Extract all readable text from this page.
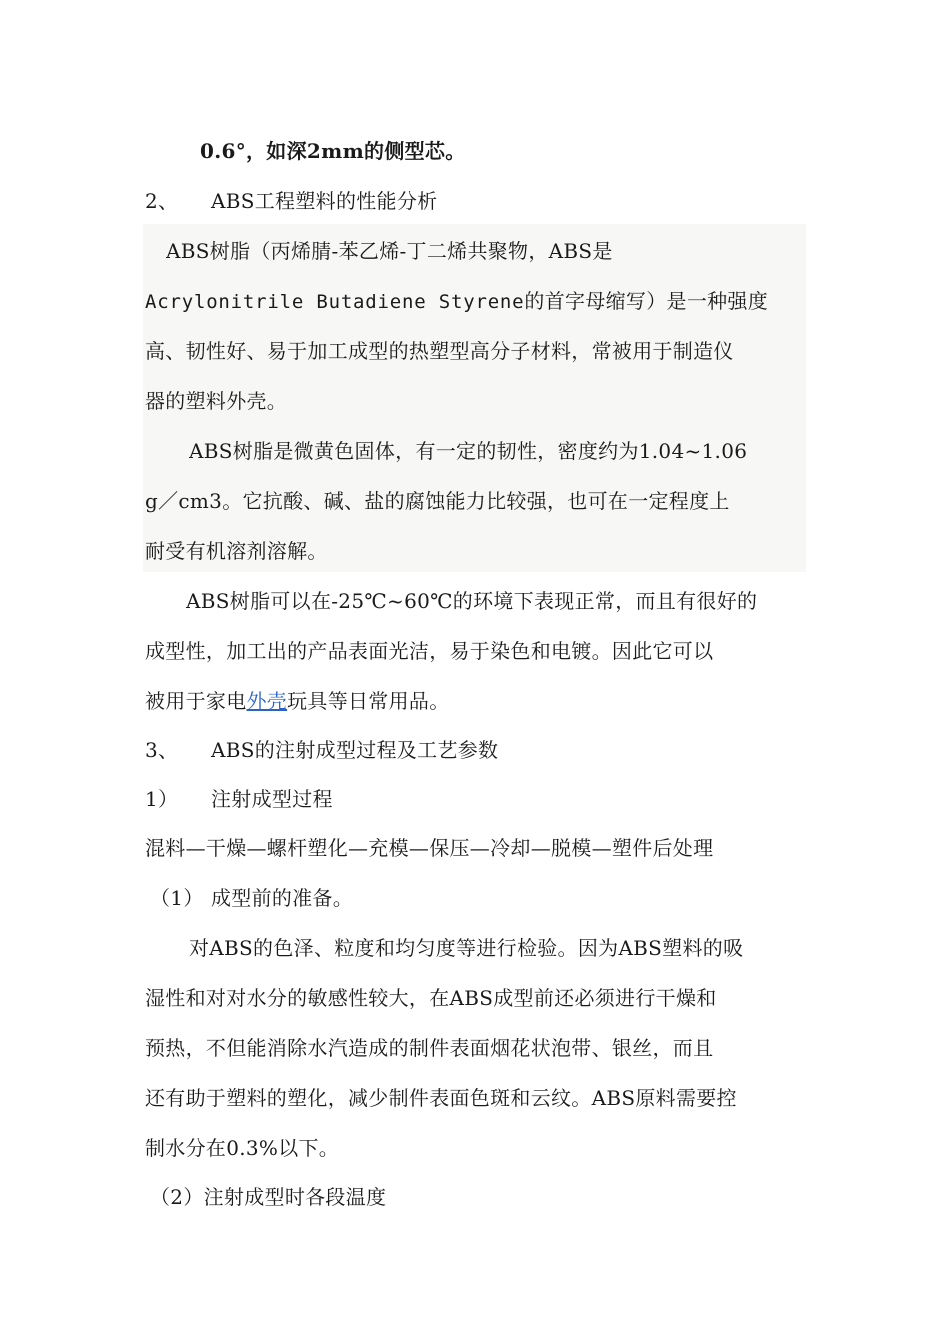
0.6°，如深2mm的侧型芯。
2、 ABS工程塑料的性能分析
ABS树脂（丙烯腈-苯乙烯-丁二烯共聚物，ABS是
Acrylonitrile Butadiene Styrene的首字母缩写）是一种强度
高、韧性好、易于加工成型的热塑型高分子材料，常被用于制造仪
器的塑料外壳。
ABS树脂是微黄色固体，有一定的韧性，密度约为1.04~1.06
g／cm3。它抗酸、碱、盐的腐蚀能力比较强，也可在一定程度上
耐受有机溶剂溶解。
ABS树脂可以在-25℃~60℃的环境下表现正常，而且有很好的
成型性，加工出的产品表面光洁，易于染色和电镀。因此它可以
被用于家电外壳玩具等日常用品。
3、 ABS的注射成型过程及工艺参数
1） 注射成型过程
混料—干燥—螺杆塑化—充模—保压—冷却—脱模—塑件后处理
（1） 成型前的准备。
对ABS的色泽、粒度和均匀度等进行检验。因为ABS塑料的吸
湿性和对对水分的敏感性较大，在ABS成型前还必须进行干燥和
预热，不但能消除水汽造成的制件表面烟花状泡带、银丝，而且
还有助于塑料的塑化，减少制件表面色斑和云纹。ABS原料需要控
制水分在0.3%以下。
（2）注射成型时各段温度
